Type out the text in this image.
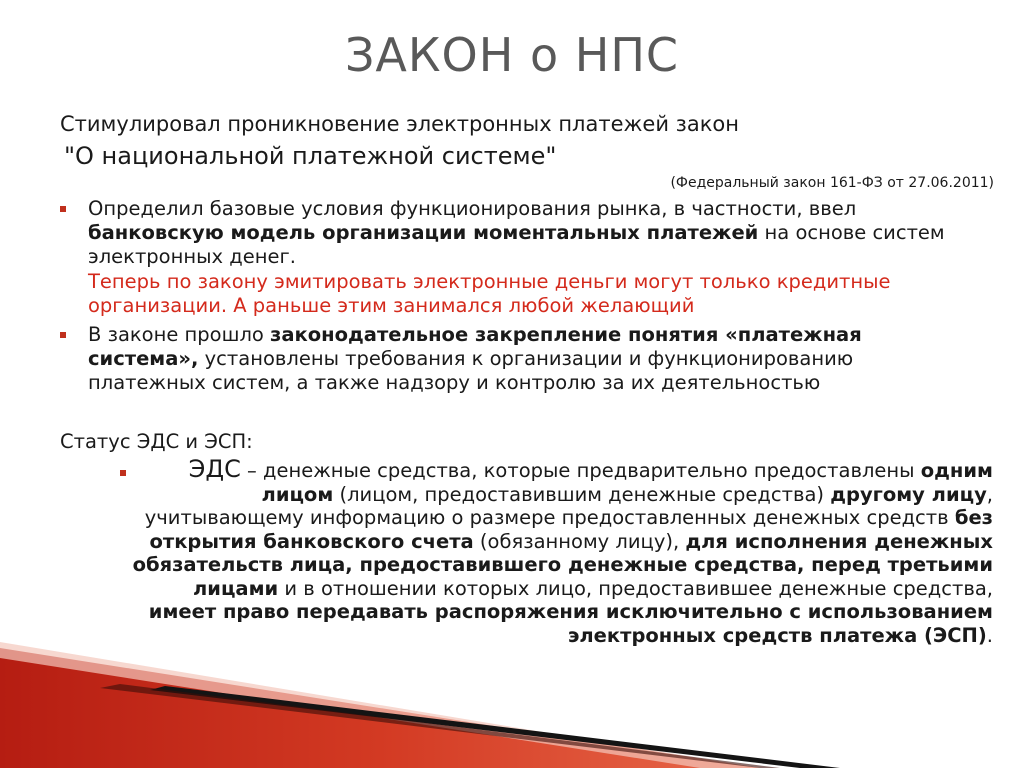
ЗАКОН о НПС

Стимулировал проникновение электронных платежей закон

"О национальной платежной системе"

(Федеральный закон 161-ФЗ от 27.06.2011)

Определил базовые условия функционирования рынка, в частности, ввел банковскую модель организации моментальных платежей на основе систем электронных денег.
Теперь по закону эмитировать электронные деньги могут только кредитные организации. А раньше этим занимался любой желающий
В законе прошло законодательное закрепление понятия «платежная система», установлены требования к организации и функционированию платежных систем, а также надзору и контролю за их деятельностью

Статус ЭДС и ЭСП:

ЭДС – денежные средства, которые предварительно предоставлены одним лицом (лицом, предоставившим денежные средства) другому лицу, учитывающему информацию о размере предоставленных денежных средств без открытия банковского счета (обязанному лицу), для исполнения денежных обязательств лица, предоставившего денежные средства, перед третьими лицами и в отношении которых лицо, предоставившее денежные средства, имеет право передавать распоряжения исключительно с использованием электронных средств платежа (ЭСП).
